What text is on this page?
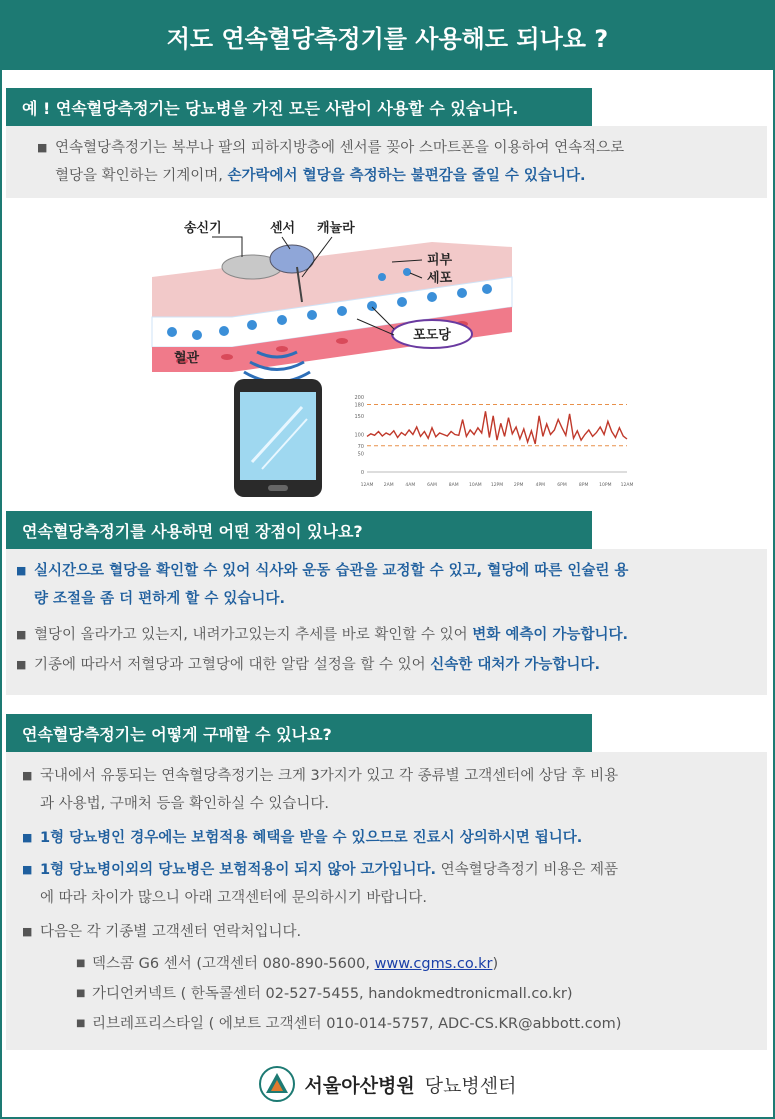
저도 연속혈당측정기를 사용해도 되나요 ?
예 ! 연속혈당측정기는 당뇨병을 가진 모든 사람이 사용할 수 있습니다.
■ 연속혈당측정기는 복부나 팔의 피하지방층에 센서를 꽂아 스마트폰을 이용하여 연속적으로
혈당을 확인하는 기계이며, 손가락에서 혈당을 측정하는 불편감을 줄일 수 있습니다.
송신기	센서 캐뉼라
피부
세포
혈관
포도당
200
180
150
100
70
50
0
12AM 2AM	4AM	6AM	8AM 10AM 12PM 2PM	4PM	6PM	8PM 10PM 12AM
연속혈당측정기를 사용하면 어떤 장점이 있나요?
■ 실시간으로 혈당을 확인할 수 있어 식사와 운동 습관을 교정할 수 있고, 혈당에 따른 인슐린 용
량 조절을 좀 더 편하게 할 수 있습니다.
■ 혈당이 올라가고 있는지, 내려가고있는지 추세를 바로 확인할 수 있어 변화 예측이 가능합니다.
■ 기종에 따라서 저혈당과 고혈당에 대한 알람 설정을 할 수 있어 신속한 대처가 가능합니다.
연속혈당측정기는 어떻게 구매할 수 있나요?
■ 국내에서 유통되는 연속혈당측정기는 크게 3가지가 있고 각 종류별 고객센터에 상담 후 비용
과 사용법, 구매처 등을 확인하실 수 있습니다.
■ 1형 당뇨병인 경우에는 보험적용 혜택을 받을 수 있으므로 진료시 상의하시면 됩니다.
■ 1형 당뇨병이외의 당뇨병은 보험적용이 되지 않아 고가입니다. 연속혈당측정기 비용은 제품
에 따라 차이가 많으니 아래 고객센터에 문의하시기 바랍니다.
■ 다음은 각 기종별 고객센터 연락처입니다.
■ 덱스콤 G6 센서 (고객센터 080-890-5600, www.cgms.co.kr)
■ 가디언커넥트 ( 한독콜센터 02-527-5455, handokmedtronicmall.co.kr)
■ 리브레프리스타일 ( 에보트 고객센터 010-014-5757, ADC-CS.KR@abbott.com)
서울아산병원 당뇨병센터
